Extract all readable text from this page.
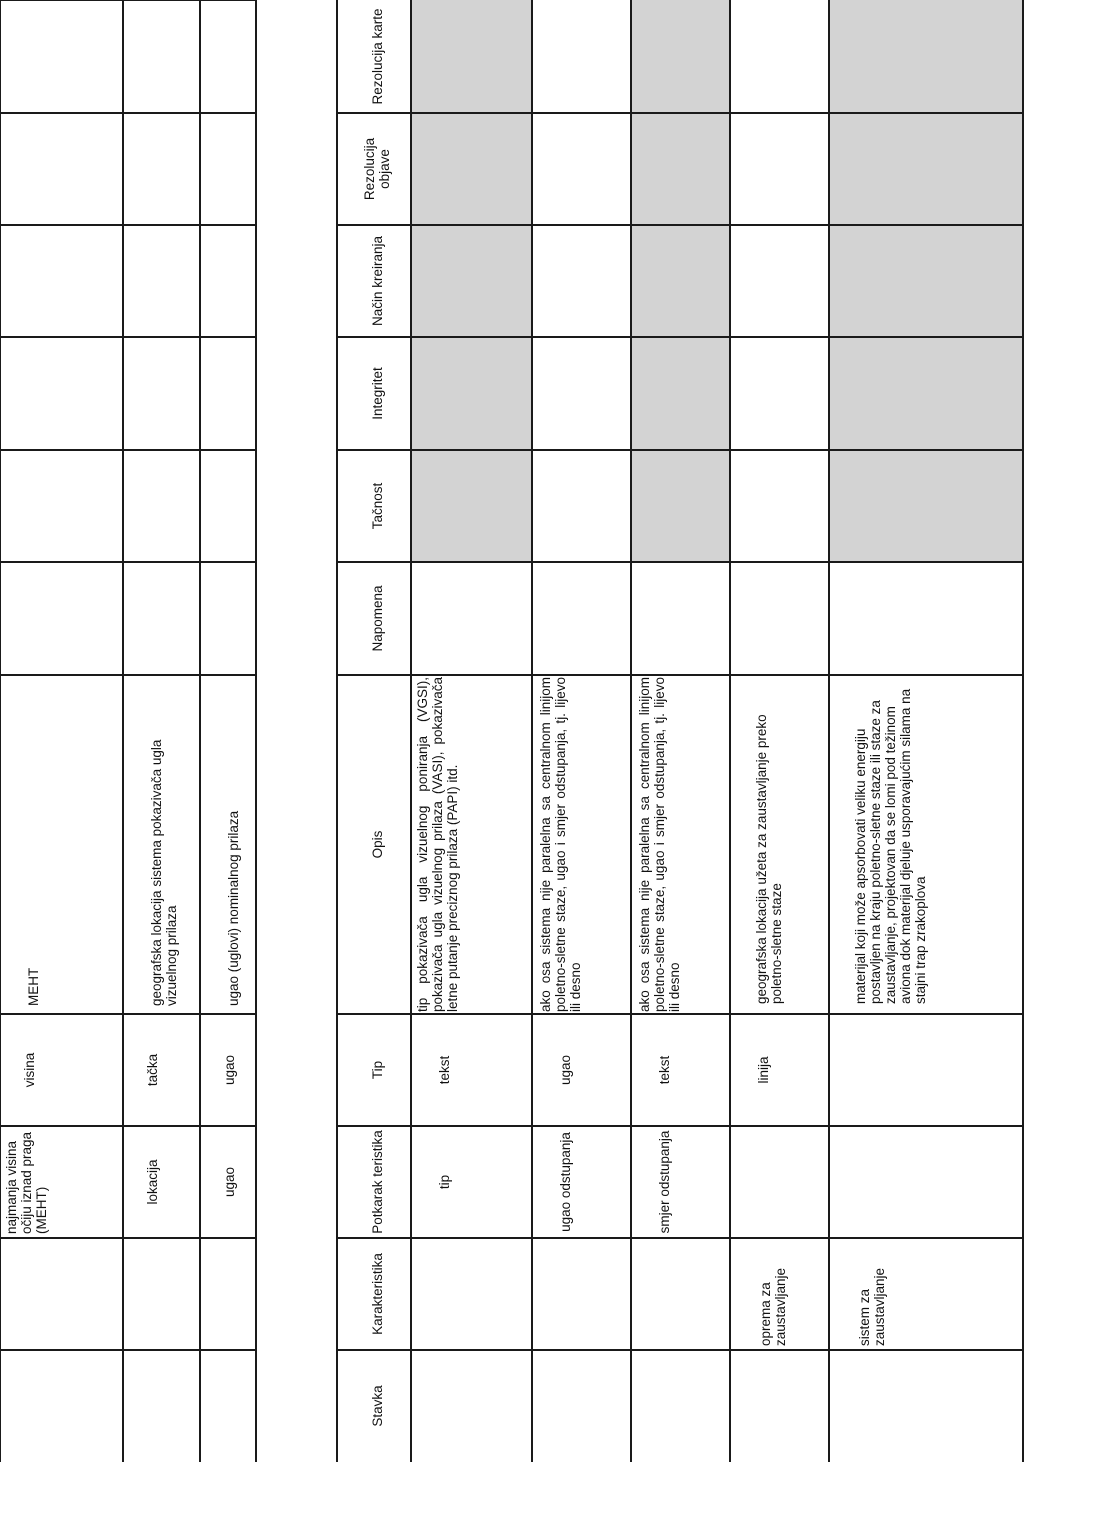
Stavka
Karakteristika
Potkarak teristika
Tip
Opis
Napomena
Tačnost
Integritet
Način kreiranja
Rezolucija objave
Rezolucija karte
najmanja visina očiju iznad praga (MEHT)
visina
MEHT
lokacija
tačka
geografska lokacija sistema pokazivača ugla vizuelnog prilaza
ugao
ugao
ugao (uglovi) nominalnog prilaza
tip
tekst
tip pokazivača ugla vizuelnog poniranja (VGSI), pokazivača ugla vizuelnog prilaza (VASI), pokazivača letne putanje preciznog prilaza (PAPI) itd.
ugao odstupanja
ugao
ako osa sistema nije paralelna sa centralnom linijom poletno-sletne staze, ugao i smjer odstupanja, tj. lijevo ili desno
smjer odstupanja
tekst
ako osa sistema nije paralelna sa centralnom linijom poletno-sletne staze, ugao i smjer odstupanja, tj. lijevo ili desno
oprema za zaustavljanje
linija
geografska lokacija užeta za zaustavljanje preko poletno-sletne staze
sistem za zaustavljanje
materijal koji može apsorbovati veliku energiju postavljen na kraju poletno-sletne staze ili staze za zaustavljanje, projektovan da se lomi pod težinom aviona dok materijal djeluje usporavajućim silama na stajni trap zrakoplova
